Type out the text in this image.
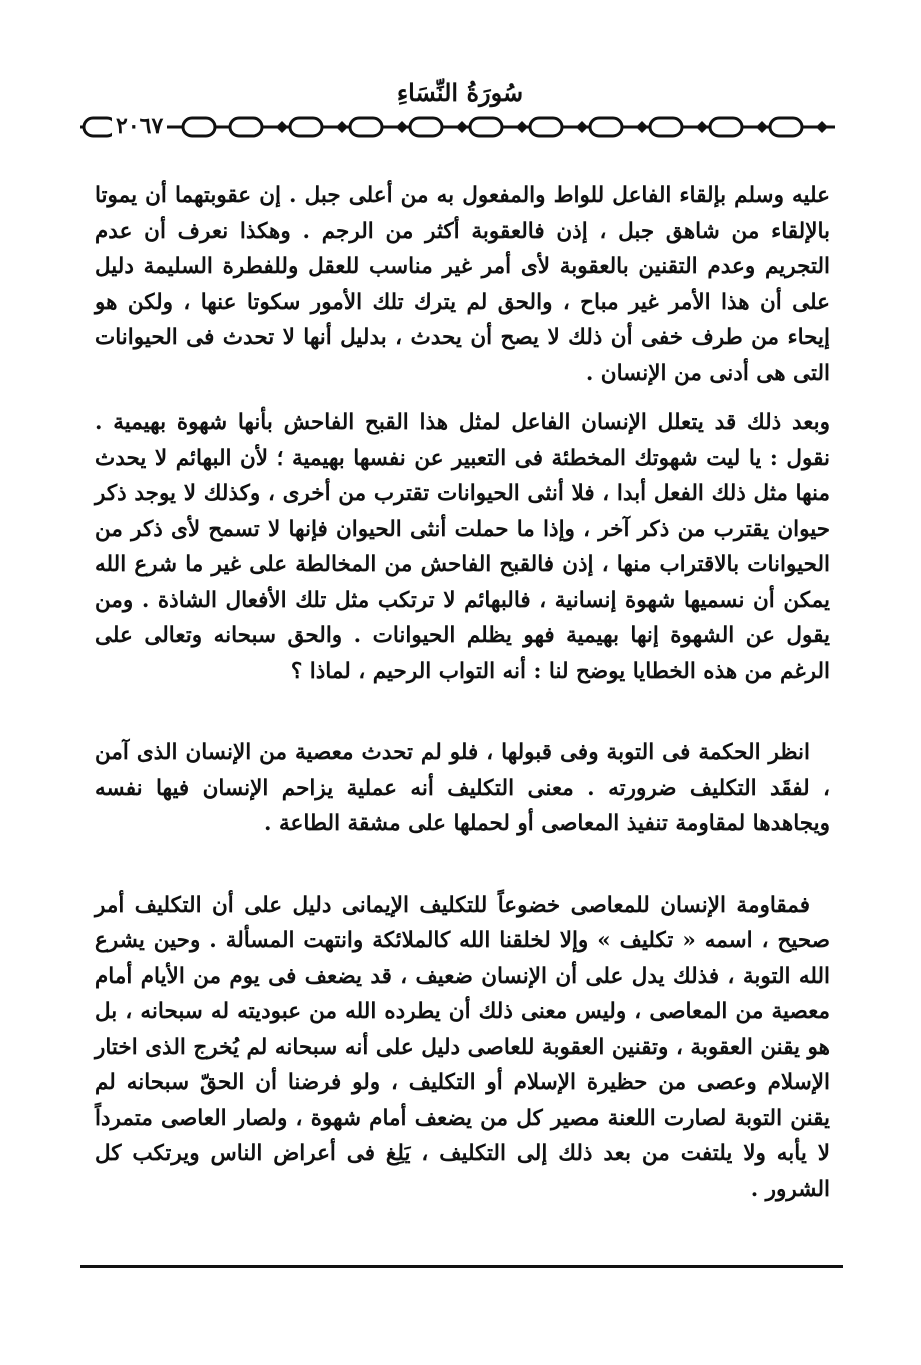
سُورَةُ النِّسَاءِ
٢٠٦٧

عليه وسلم بإلقاء الفاعل للواط والمفعول به من أعلى جبل . إن عقوبتهما أن يموتا بالإلقاء من شاهق جبل ، إذن فالعقوبة أكثر من الرجم . وهكذا نعرف أن عدم التجريم وعدم التقنين بالعقوبة لأى أمر غير مناسب للعقل وللفطرة السليمة دليل على أن هذا الأمر غير مباح ، والحق لم يترك تلك الأمور سكوتا عنها ، ولكن هو إيحاء من طرف خفى أن ذلك لا يصح أن يحدث ، بدليل أنها لا تحدث فى الحيوانات التى هى أدنى من الإنسان .

وبعد ذلك قد يتعلل الإنسان الفاعل لمثل هذا القبح الفاحش بأنها شهوة بهيمية . نقول : يا ليت شهوتك المخطئة فى التعبير عن نفسها بهيمية ؛ لأن البهائم لا يحدث منها مثل ذلك الفعل أبدا ، فلا أنثى الحيوانات تقترب من أخرى ، وكذلك لا يوجد ذكر حيوان يقترب من ذكر آخر ، وإذا ما حملت أنثى الحيوان فإنها لا تسمح لأى ذكر من الحيوانات بالاقتراب منها ، إذن فالقبح الفاحش من المخالطة على غير ما شرع الله يمكن أن نسميها شهوة إنسانية ، فالبهائم لا ترتكب مثل تلك الأفعال الشاذة . ومن يقول عن الشهوة إنها بهيمية فهو يظلم الحيوانات . والحق سبحانه وتعالى على الرغم من هذه الخطايا يوضح لنا : أنه التواب الرحيم ، لماذا ؟

انظر الحكمة فى التوبة وفى قبولها ، فلو لم تحدث معصية من الإنسان الذى آمن ، لفقَد التكليف ضرورته . معنى التكليف أنه عملية يزاحم الإنسان فيها نفسه ويجاهدها لمقاومة تنفيذ المعاصى أو لحملها على مشقة الطاعة .

فمقاومة الإنسان للمعاصى خضوعاً للتكليف الإيمانى دليل على أن التكليف أمر صحيح ، اسمه « تكليف » وإلا لخلقنا الله كالملائكة وانتهت المسألة . وحين يشرع الله التوبة ، فذلك يدل على أن الإنسان ضعيف ، قد يضعف فى يوم من الأيام أمام معصية من المعاصى ، وليس معنى ذلك أن يطرده الله من عبوديته له سبحانه ، بل هو يقنن العقوبة ، وتقنين العقوبة للعاصى دليل على أنه سبحانه لم يُخرج الذى اختار الإسلام وعصى من حظيرة الإسلام أو التكليف ، ولو فرضنا أن الحقّ سبحانه لم يقنن التوبة لصارت اللعنة مصير كل من يضعف أمام شهوة ، ولصار العاصى متمرداً لا يأبه ولا يلتفت من بعد ذلك إلى التكليف ، يَلِغ فى أعراض الناس ويرتكب كل الشرور .
